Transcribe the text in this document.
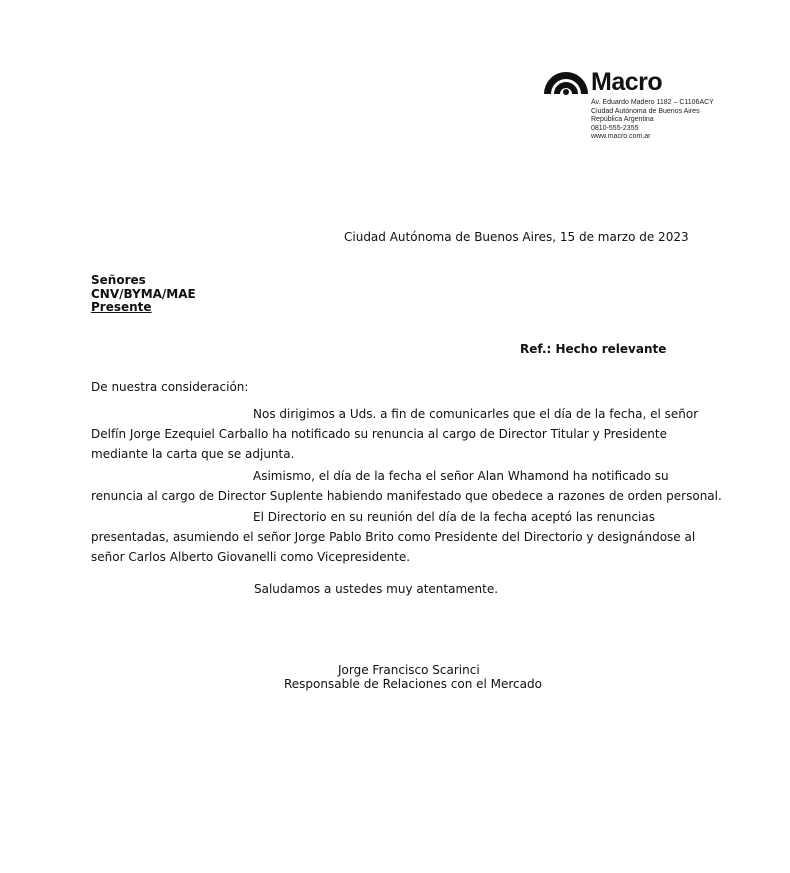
Macro
Av. Eduardo Madero 1182 – C1106ACY
Ciudad Autónoma de Buenos Aires
República Argentina
0810-555-2355
www.macro.com.ar
Ciudad Autónoma de Buenos Aires, 15 de marzo de 2023
Señores
CNV/BYMA/MAE
Presente
Ref.: Hecho relevante
De nuestra consideración:
Nos dirigimos a Uds. a fin de comunicarles que el día de la fecha, el señor
Delfín Jorge Ezequiel Carballo ha notificado su renuncia al cargo de Director Titular y Presidente
mediante la carta que se adjunta.
Asimismo, el día de la fecha el señor Alan Whamond ha notificado su
renuncia al cargo de Director Suplente habiendo manifestado que obedece a razones de orden personal.
El Directorio en su reunión del día de la fecha aceptó las renuncias
presentadas, asumiendo el señor Jorge Pablo Brito como Presidente del Directorio y designándose al
señor Carlos Alberto Giovanelli como Vicepresidente.
Saludamos a ustedes muy atentamente.
Jorge Francisco Scarinci
Responsable de Relaciones con el Mercado
